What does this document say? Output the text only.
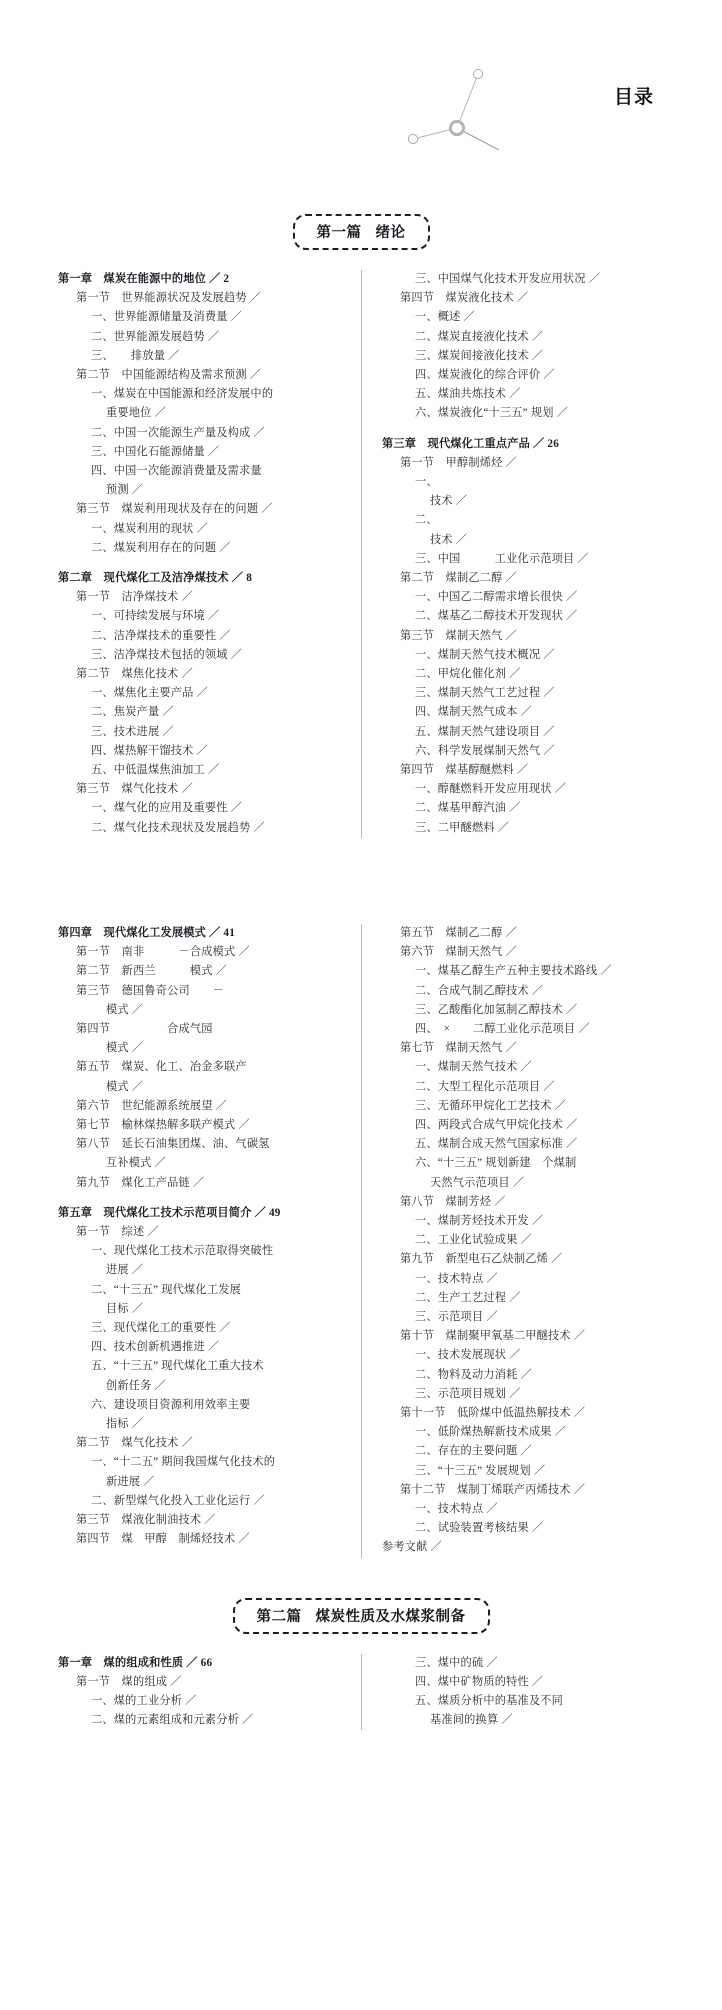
目录
第一篇 绪论
第一章　煤炭在能源中的地位 ／ 2
第一节　世界能源状况及发展趋势 ／
一、世界能源储量及消费量 ／
二、世界能源发展趋势 ／
三、　　排放量 ／
第二节　中国能源结构及需求预测 ／
一、煤炭在中国能源和经济发展中的
重要地位 ／
二、中国一次能源生产量及构成 ／
三、中国化石能源储量 ／
四、中国一次能源消费量及需求量
预测 ／
第三节　煤炭利用现状及存在的问题 ／
一、煤炭利用的现状 ／
二、煤炭利用存在的问题 ／
第二章　现代煤化工及洁净煤技术 ／ 8
第一节　洁净煤技术 ／
一、可持续发展与环境 ／
二、洁净煤技术的重要性 ／
三、洁净煤技术包括的领域 ／
第二节　煤焦化技术 ／
一、煤焦化主要产品 ／
二、焦炭产量 ／
三、技术进展 ／
四、煤热解干馏技术 ／
五、中低温煤焦油加工 ／
第三节　煤气化技术 ／
一、煤气化的应用及重要性 ／
二、煤气化技术现状及发展趋势 ／
三、中国煤气化技术开发应用状况 ／
第四节　煤炭液化技术 ／
一、概述 ／
二、煤炭直接液化技术 ／
三、煤炭间接液化技术 ／
四、煤炭液化的综合评价 ／
五、煤油共炼技术 ／
六、煤炭液化“十三五” 规划 ／
第三章　现代煤化工重点产品 ／ 26
第一节　甲醇制烯烃 ／
一、
技术 ／
二、
技术 ／
三、中国　　　工业化示范项目 ／
第二节　煤制乙二醇 ／
一、中国乙二醇需求增长很快 ／
二、煤基乙二醇技术开发现状 ／
第三节　煤制天然气 ／
一、煤制天然气技术概况 ／
二、甲烷化催化剂 ／
三、煤制天然气工艺过程 ／
四、煤制天然气成本 ／
五、煤制天然气建设项目 ／
六、科学发展煤制天然气 ／
第四节　煤基醇醚燃料 ／
一、醇醚燃料开发应用现状 ／
二、煤基甲醇汽油 ／
三、二甲醚燃料 ／
第四章　现代煤化工发展模式 ／ 41
第一节　南非　　　－合成模式 ／
第二节　新西兰　　　模式 ／
第三节　德国鲁奇公司　　－
模式 ／
第四节　　　　　合成气园
模式 ／
第五节　煤炭、化工、冶金多联产
模式 ／
第六节　世纪能源系统展望 ／
第七节　榆林煤热解多联产模式 ／
第八节　延长石油集团煤、油、气碳氢
互补模式 ／
第九节　煤化工产品链 ／
第五章　现代煤化工技术示范项目简介 ／ 49
第一节　综述 ／
一、现代煤化工技术示范取得突破性
进展 ／
二、“十三五” 现代煤化工发展
目标 ／
三、现代煤化工的重要性 ／
四、技术创新机遇推进 ／
五、“十三五” 现代煤化工重大技术
创新任务 ／
六、建设项目资源利用效率主要
指标 ／
第二节　煤气化技术 ／
一、“十二五” 期间我国煤气化技术的
新进展 ／
二、新型煤气化投入工业化运行 ／
第三节　煤液化制油技术 ／
第四节　煤　甲醇　制烯烃技术 ／
第五节　煤制乙二醇 ／
第六节　煤制天然气 ／
一、煤基乙醇生产五种主要技术路线 ／
二、合成气制乙醇技术 ／
三、乙酸酯化加氢制乙醇技术 ／
四、　×　　二醇工业化示范项目 ／
第七节　煤制天然气 ／
一、煤制天然气技术 ／
二、大型工程化示范项目 ／
三、无循环甲烷化工艺技术 ／
四、两段式合成气甲烷化技术 ／
五、煤制合成天然气国家标准 ／
六、“十三五” 规划新建　个煤制
天然气示范项目 ／
第八节　煤制芳烃 ／
一、煤制芳烃技术开发 ／
二、工业化试验成果 ／
第九节　新型电石乙炔制乙烯 ／
一、技术特点 ／
二、生产工艺过程 ／
三、示范项目 ／
第十节　煤制聚甲氧基二甲醚技术 ／
一、技术发展现状 ／
二、物料及动力消耗 ／
三、示范项目规划 ／
第十一节　低阶煤中低温热解技术 ／
一、低阶煤热解新技术成果 ／
二、存在的主要问题 ／
三、“十三五” 发展规划 ／
第十二节　煤制丁烯联产丙烯技术 ／
一、技术特点 ／
二、试验装置考核结果 ／
参考文献 ／
第二篇 煤炭性质及水煤浆制备
第一章　煤的组成和性质 ／ 66
第一节　煤的组成 ／
一、煤的工业分析 ／
二、煤的元素组成和元素分析 ／
三、煤中的硫 ／
四、煤中矿物质的特性 ／
五、煤质分析中的基准及不同
基准间的换算 ／
